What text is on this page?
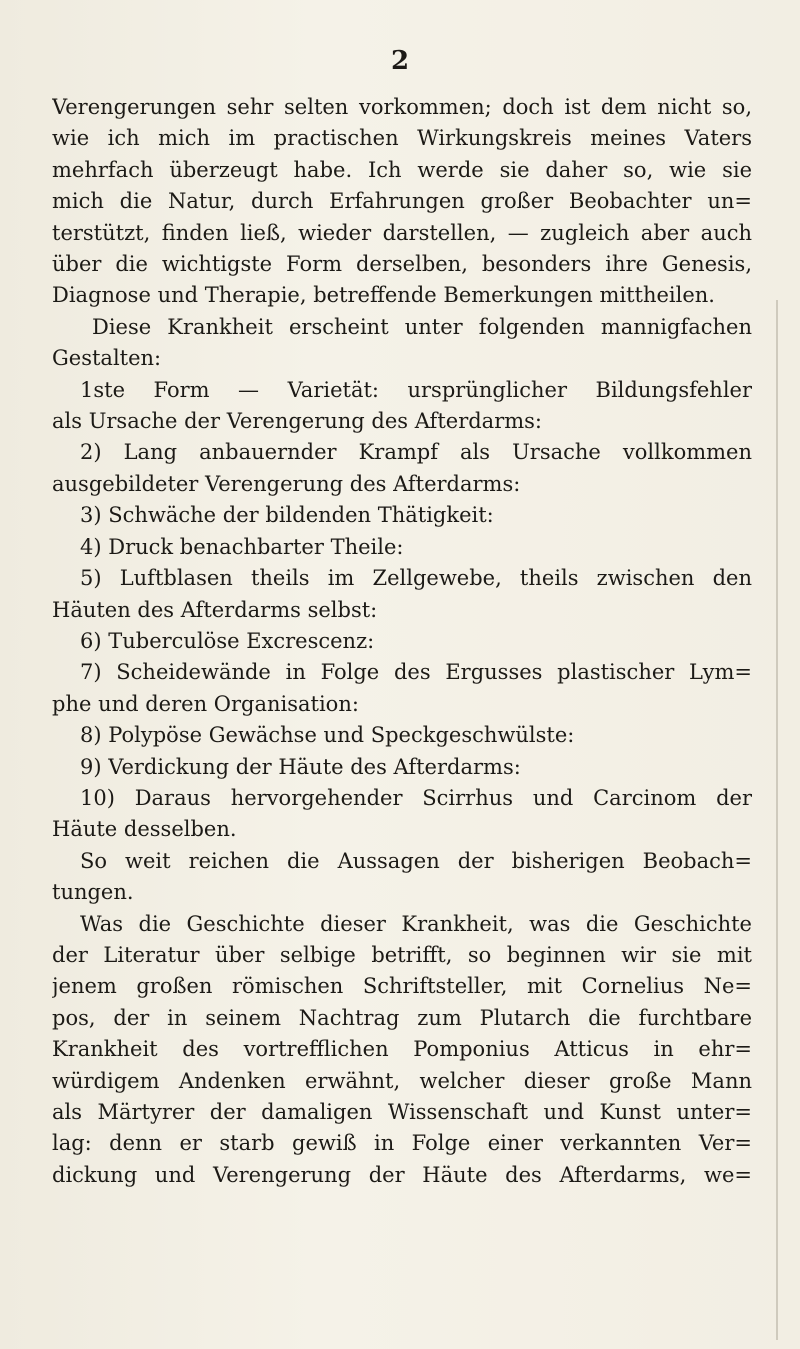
2
Verengerungen sehr selten vorkommen; doch ist dem nicht so,
wie ich mich im practischen Wirkungskreis meines Vaters
mehrfach überzeugt habe. Ich werde sie daher so, wie sie
mich die Natur, durch Erfahrungen großer Beobachter un=
terstützt, finden ließ, wieder darstellen, — zugleich aber auch
über die wichtigste Form derselben, besonders ihre Genesis,
Diagnose und Therapie, betreffende Bemerkungen mittheilen.
Diese Krankheit erscheint unter folgenden mannigfachen
Gestalten:
1ste Form — Varietät: ursprünglicher Bildungsfehler
als Ursache der Verengerung des Afterdarms:
2) Lang anbauernder Krampf als Ursache vollkommen
ausgebildeter Verengerung des Afterdarms:
3) Schwäche der bildenden Thätigkeit:
4) Druck benachbarter Theile:
5) Luftblasen theils im Zellgewebe, theils zwischen den
Häuten des Afterdarms selbst:
6) Tuberculöse Excrescenz:
7) Scheidewände in Folge des Ergusses plastischer Lym=
phe und deren Organisation:
8) Polypöse Gewächse und Speckgeschwülste:
9) Verdickung der Häute des Afterdarms:
10) Daraus hervorgehender Scirrhus und Carcinom der
Häute desselben.
So weit reichen die Aussagen der bisherigen Beobach=
tungen.
Was die Geschichte dieser Krankheit, was die Geschichte
der Literatur über selbige betrifft, so beginnen wir sie mit
jenem großen römischen Schriftsteller, mit Cornelius Ne=
pos, der in seinem Nachtrag zum Plutarch die furchtbare
Krankheit des vortrefflichen Pomponius Atticus in ehr=
würdigem Andenken erwähnt, welcher dieser große Mann
als Märtyrer der damaligen Wissenschaft und Kunst unter=
lag: denn er starb gewiß in Folge einer verkannten Ver=
dickung und Verengerung der Häute des Afterdarms, we=
